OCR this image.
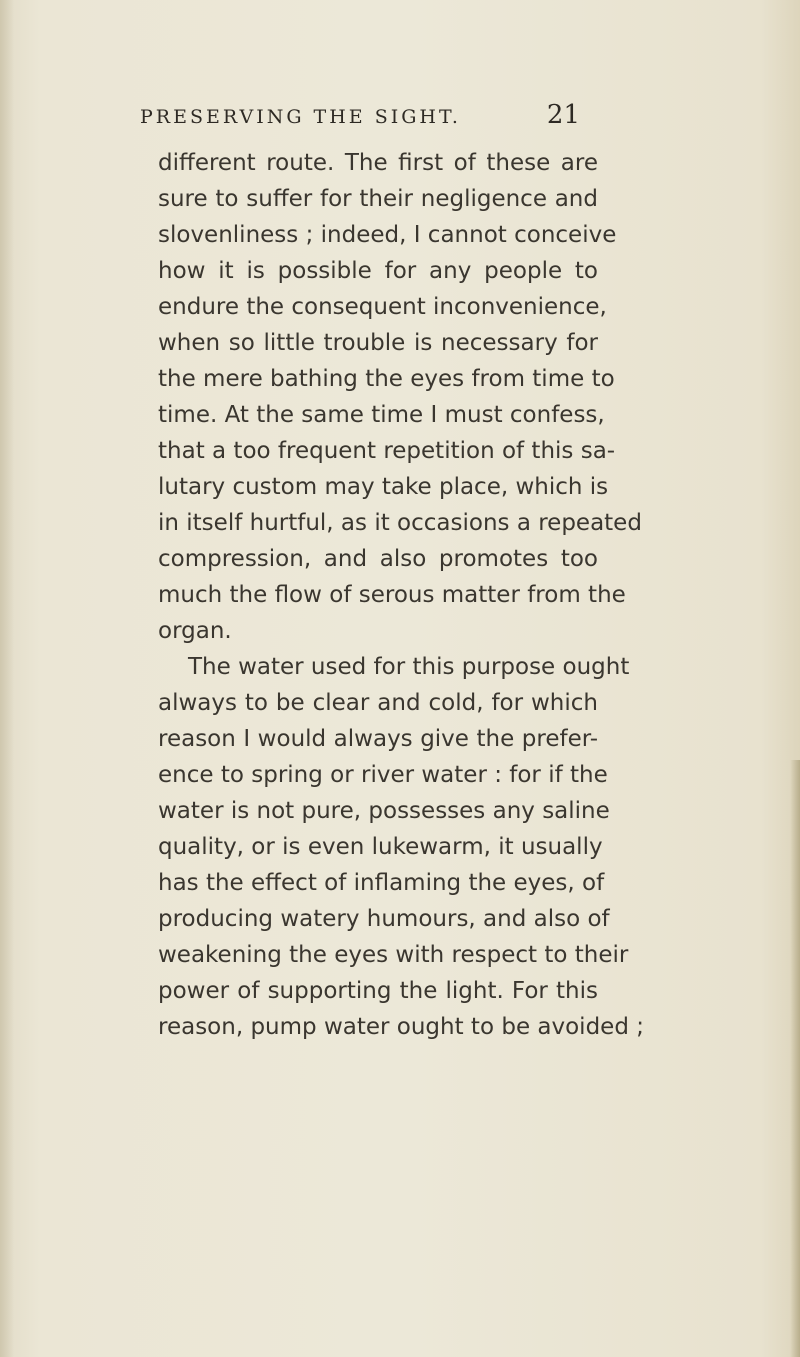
PRESERVING THE SIGHT.	21
different route. The first of these are
sure to suffer for their negligence and
slovenliness ; indeed, I cannot conceive
how it is possible for any people to
endure the consequent inconvenience,
when so little trouble is necessary for
the mere bathing the eyes from time to
time. At the same time I must confess,
that a too frequent repetition of this sa-
lutary custom may take place, which is
in itself hurtful, as it occasions a repeated
compression, and also promotes too
much the flow of serous matter from the
organ.
The water used for this purpose ought
always to be clear and cold, for which
reason I would always give the prefer-
ence to spring or river water : for if the
water is not pure, possesses any saline
quality, or is even lukewarm, it usually
has the effect of inflaming the eyes, of
producing watery humours, and also of
weakening the eyes with respect to their
power of supporting the light. For this
reason, pump water ought to be avoided ;
